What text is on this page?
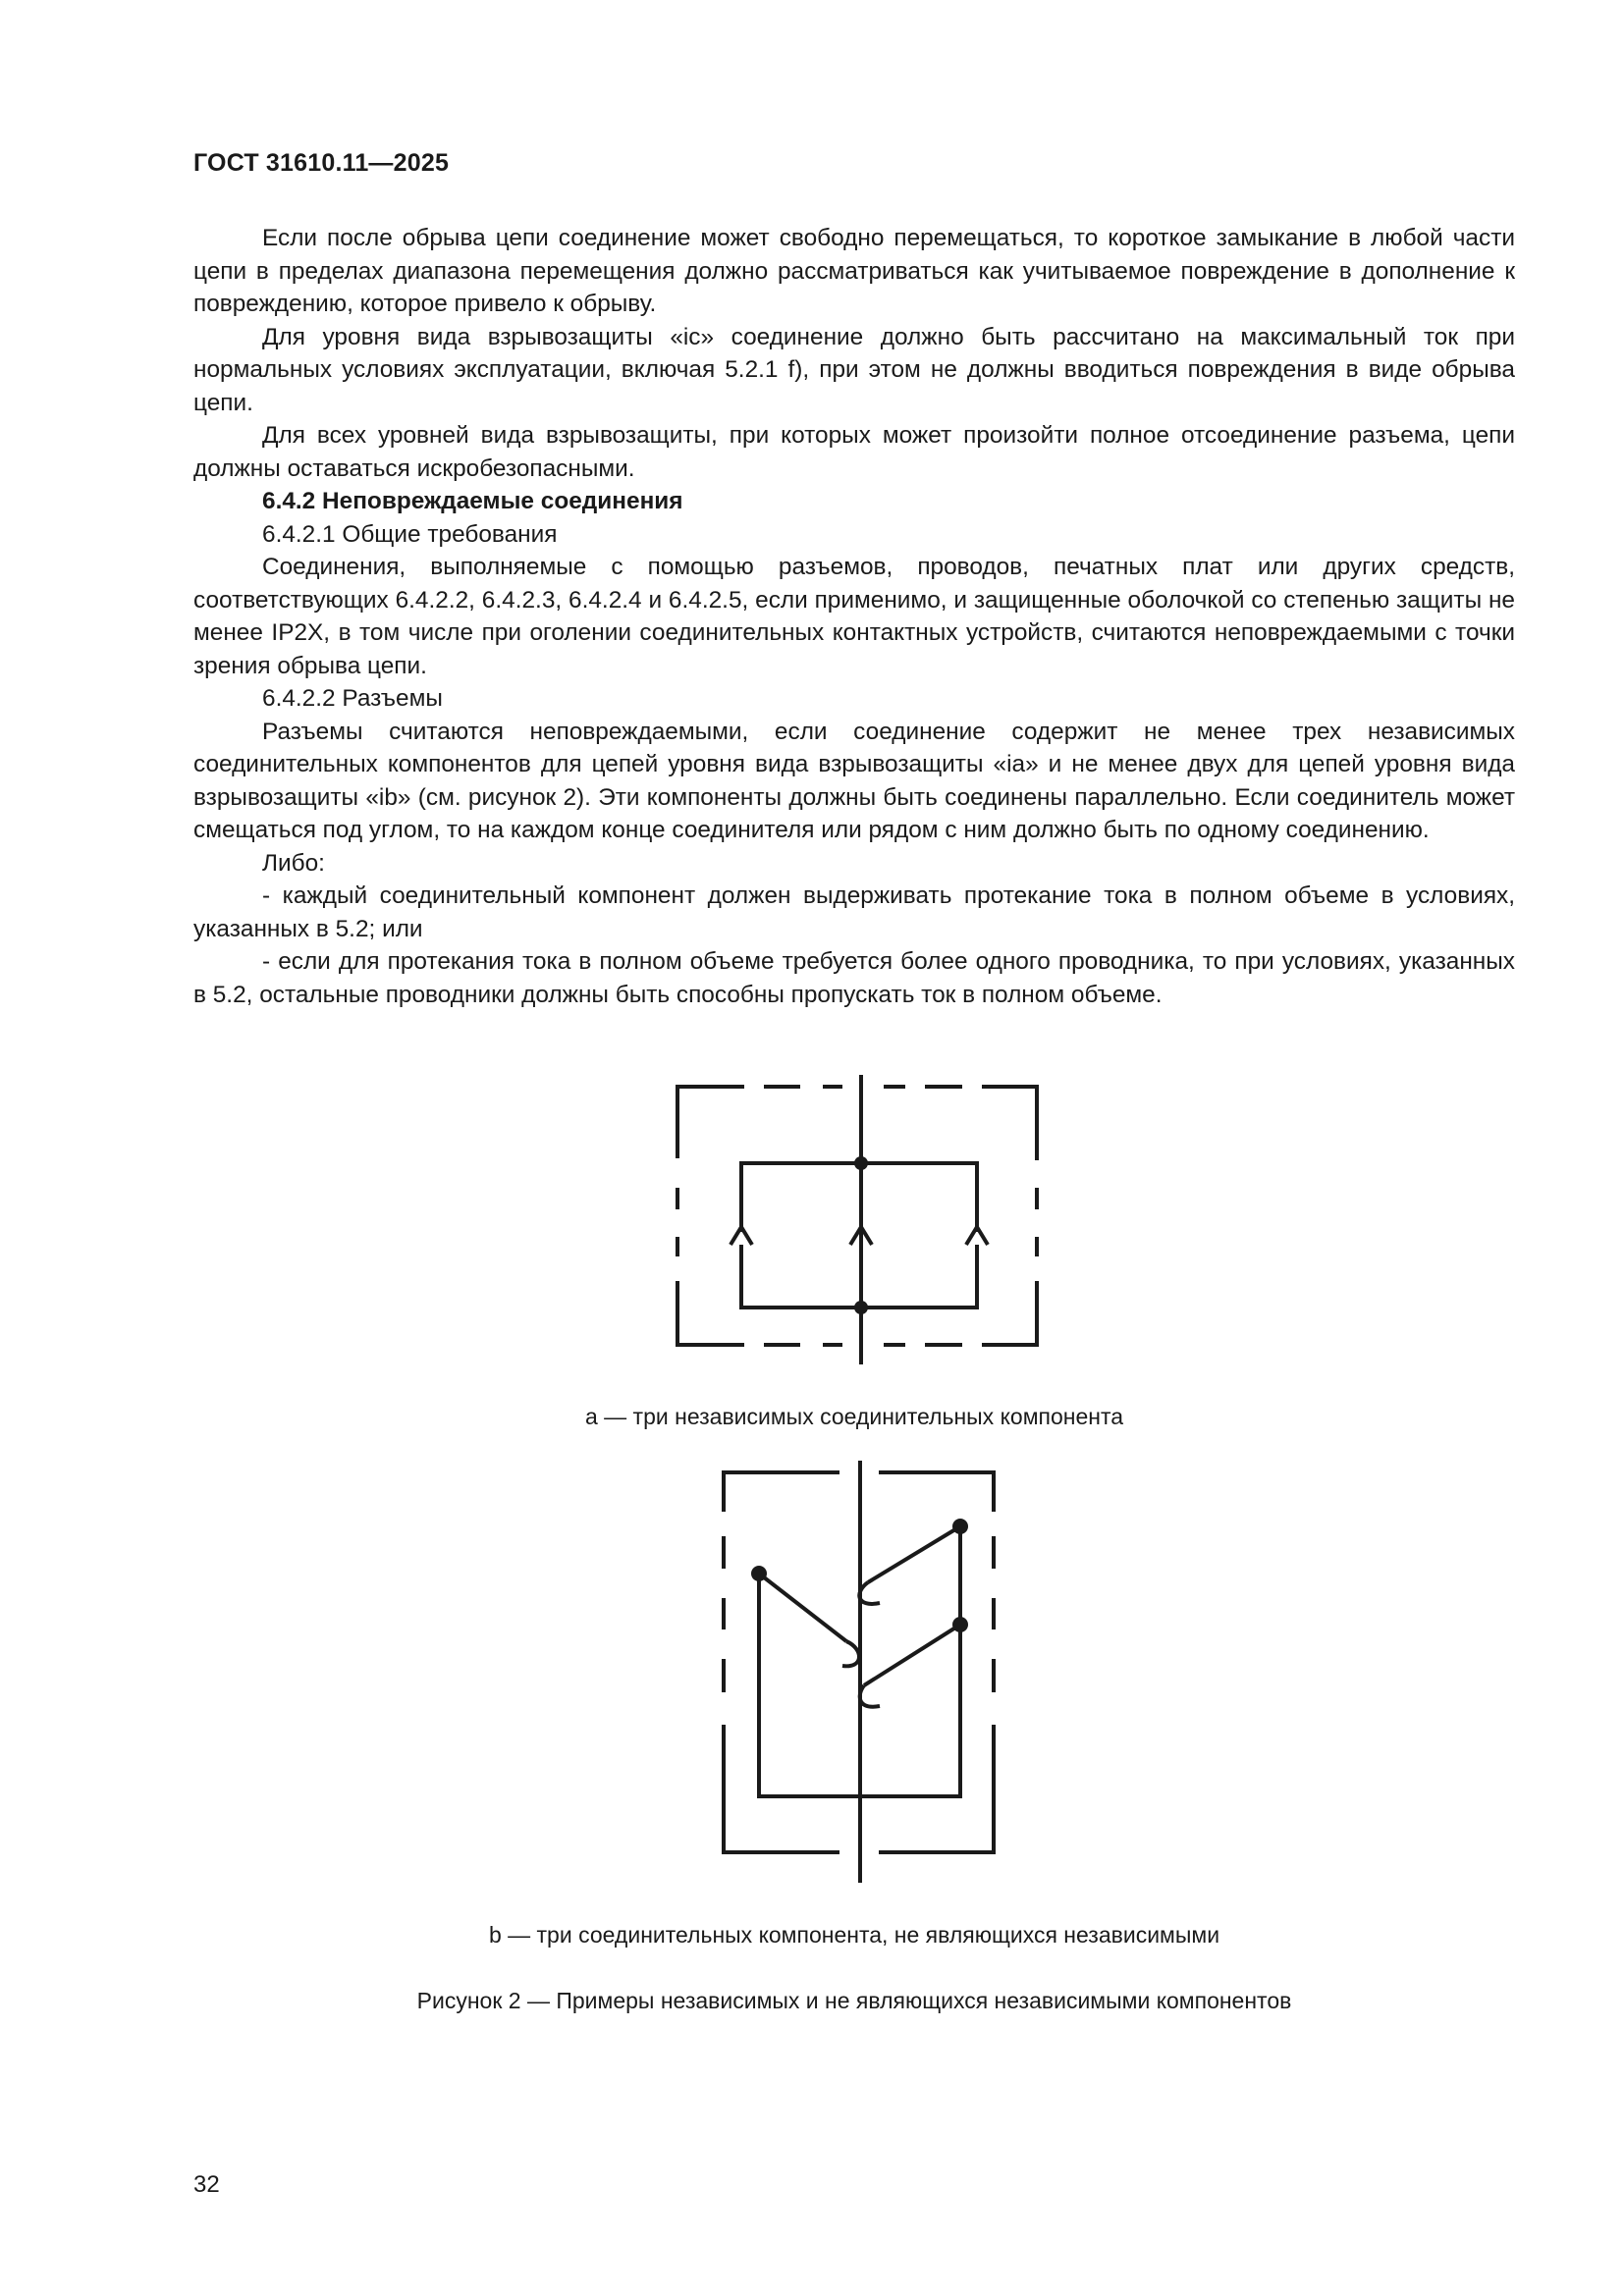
ГОСТ 31610.11—2025

Если после обрыва цепи соединение может свободно перемещаться, то короткое замыкание в любой части цепи в пределах диапазона перемещения должно рассматриваться как учитываемое повреждение в дополнение к повреждению, которое привело к обрыву.

Для уровня вида взрывозащиты «ic» соединение должно быть рассчитано на максимальный ток при нормальных условиях эксплуатации, включая 5.2.1 f), при этом не должны вводиться повреждения в виде обрыва цепи.

Для всех уровней вида взрывозащиты, при которых может произойти полное отсоединение разъема, цепи должны оставаться искробезопасными.

6.4.2 Неповреждаемые соединения

6.4.2.1 Общие требования

Соединения, выполняемые с помощью разъемов, проводов, печатных плат или других средств, соответствующих 6.4.2.2, 6.4.2.3, 6.4.2.4 и 6.4.2.5, если применимо, и защищенные оболочкой со степенью защиты не менее IP2X, в том числе при оголении соединительных контактных устройств, считаются неповреждаемыми с точки зрения обрыва цепи.

6.4.2.2 Разъемы

Разъемы считаются неповреждаемыми, если соединение содержит не менее трех независимых соединительных компонентов для цепей уровня вида взрывозащиты «ia» и не менее двух для цепей уровня вида взрывозащиты «ib» (см. рисунок 2). Эти компоненты должны быть соединены параллельно. Если соединитель может смещаться под углом, то на каждом конце соединителя или рядом с ним должно быть по одному соединению.

Либо:

- каждый соединительный компонент должен выдерживать протекание тока в полном объеме в условиях, указанных в 5.2; или

- если для протекания тока в полном объеме требуется более одного проводника, то при условиях, указанных в 5.2, остальные проводники должны быть способны пропускать ток в полном объеме.

a — три независимых соединительных компонента
b — три соединительных компонента, не являющихся независимыми
Рисунок 2 — Примеры независимых и не являющихся независимыми компонентов
32
